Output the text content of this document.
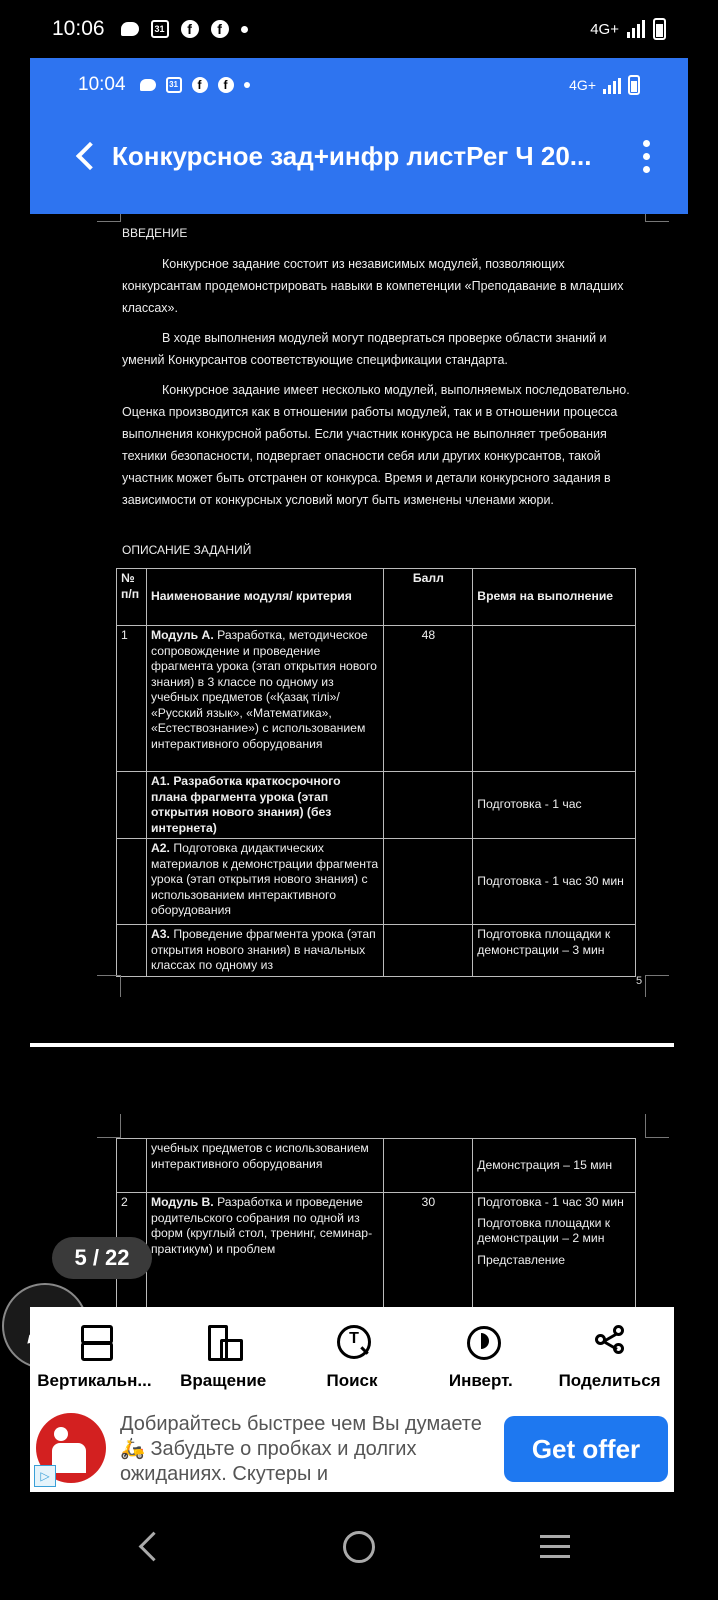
10:06	31	f	f	4G+
10:04	31	f	f	4G+
Конкурсное зад+инфр листРег Ч 20...
ВВЕДЕНИЕ

Конкурсное задание состоит из независимых модулей, позволяющих конкурсантам продемонстрировать навыки в компетенции «Преподавание в младших классах».

В ходе выполнения модулей могут подвергаться проверке области знаний и умений Конкурсантов соответствующие спецификации стандарта.

Конкурсное задание имеет несколько модулей, выполняемых последовательно. Оценка производится как в отношении работы модулей, так и в отношении процесса выполнения конкурсной работы. Если участник конкурса не выполняет требования техники безопасности, подвергает опасности себя или других конкурсантов, такой участник может быть отстранен от конкурса. Время и детали конкурсного задания в зависимости от конкурсных условий могут быть изменены членами жюри.

ОПИСАНИЕ ЗАДАНИЙ
№ п/п	Наименование модуля/ критерия	Балл	Время на выполнение
1	Модуль А. Разработка, методическое сопровождение и проведение фрагмента урока (этап открытия нового знания) в 3 классе по одному из учебных предметов («Қазақ тілі»/ «Русский язык», «Математика», «Естествознание») с использованием интерактивного оборудования	48	
	А1. Разработка краткосрочного плана фрагмента урока (этап открытия нового знания) (без интернета)		Подготовка - 1 час
	А2. Подготовка дидактических материалов к демонстрации фрагмента урока (этап открытия нового знания) с использованием интерактивного оборудования		Подготовка - 1 час 30 мин
	А3. Проведение фрагмента урока (этап открытия нового знания) в начальных классах по одному из		Подготовка площадки к демонстрации – 3 мин
5
	учебных предметов с использованием интерактивного оборудования		Демонстрация – 15 мин
2	Модуль В. Разработка и проведение родительского собрания по одной из форм (круглый стол, тренинг, семинар-практикум) и проблем	30	Подготовка - 1 час 30 мин
Подготовка площадки к демонстрации – 2 мин
Представление
5 / 22
Вертикальн... Вращение
T	Поиск	Инверт.	Поделиться
▷
Добирайтесь быстрее чем Вы думаете🛵 Забудьте о пробках и долгих ожиданиях. Скутеры и
Get offer
